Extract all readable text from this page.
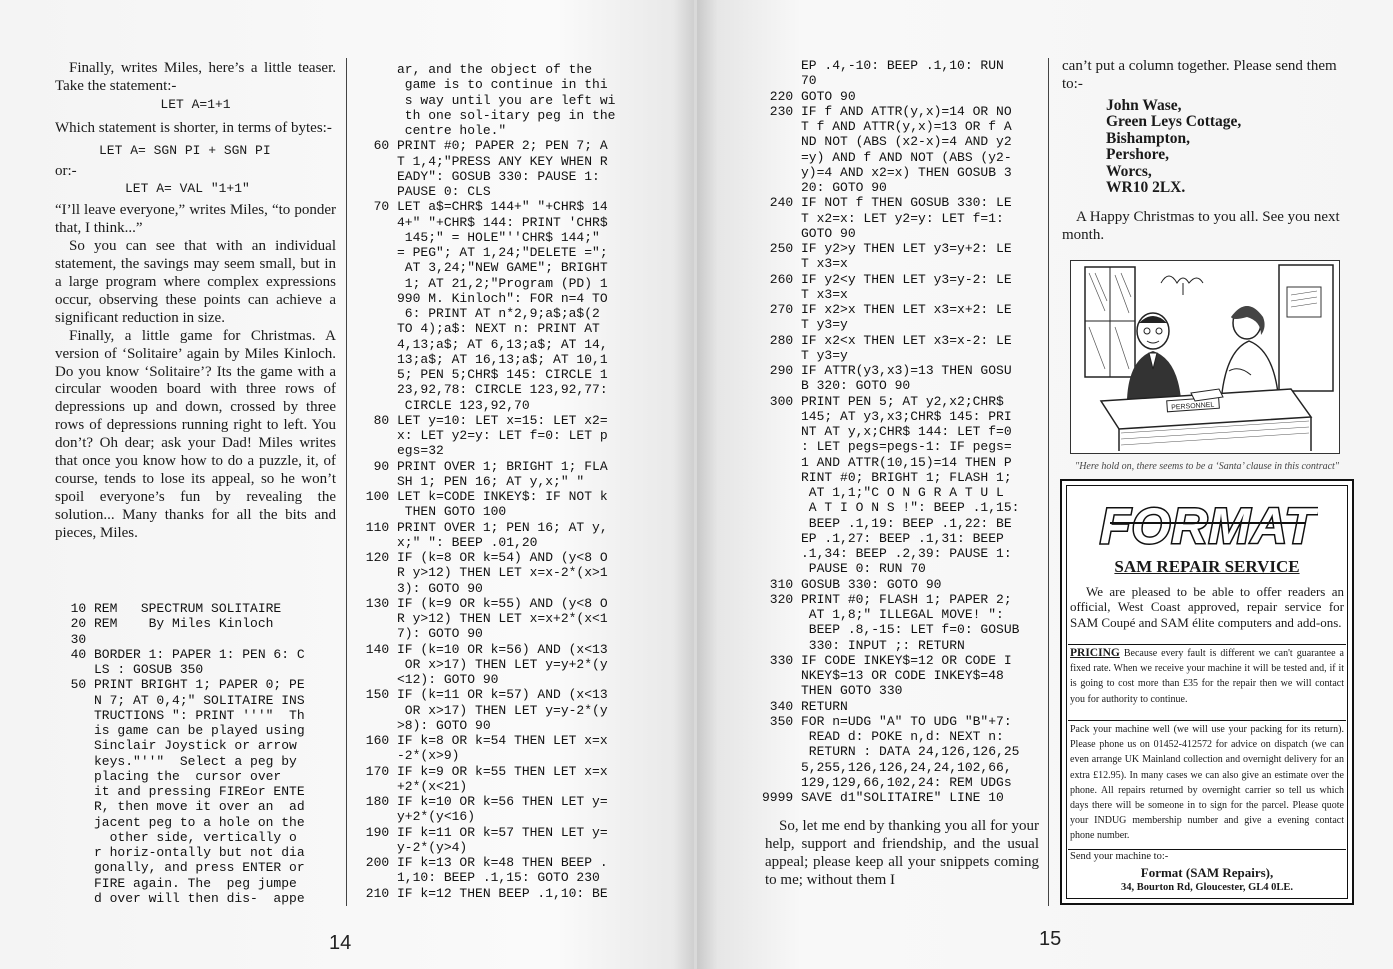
Finally, writes Miles, here’s a little teaser. Take the statement:-

LET A=1+1

Which statement is shorter, in terms of bytes:-

LET A= SGN PI + SGN PI

or:-

LET A= VAL "1+1"

“I’ll leave everyone,” writes Miles, “to ponder that, I think...”

So you can see that with an individual statement, the savings may seem small, but in a large program where complex expressions occur, observing these points can achieve a significant reduction in size.

Finally, a little game for Christmas. A version of ‘Solitaire’ again by Miles Kinloch. Do you know ‘Solitaire’? Its the game with a circular wooden board with three rows of depressions up and down, crossed by three rows of depressions running right to left. You don’t? Oh dear; ask your Dad! Miles writes that once you know how to do a puzzle, it, of course, tends to lose its appeal, so he won’t spoil everyone’s fun by revealing the solution... Many thanks for all the bits and pieces, Miles.

10 REM   SPECTRUM SOLITAIRE
20 REM    By Miles Kinloch
30
40 BORDER 1: PAPER 1: PEN 6: C
LS : GOSUB 350
50 PRINT BRIGHT 1; PAPER 0; PE
N 7; AT 0,4;" SOLITAIRE INS
TRUCTIONS ": PRINT '''"  Th
is game can be played using
Sinclair Joystick or arrow
keys."''"  Select a peg by
placing the  cursor over
it and pressing FIREor ENTE
R, then move it over an  ad
jacent peg to a hole on the
other side, vertically o
r horiz-ontally but not dia
gonally, and press ENTER or
FIRE again. The  peg jumpe
d over will then dis-  appe
ar, and the object of the
game is to continue in thi
s way until you are left wi
th one sol-itary peg in the
centre hole."
60 PRINT #0; PAPER 2; PEN 7; A
T 1,4;"PRESS ANY KEY WHEN R
EADY": GOSUB 330: PAUSE 1:
PAUSE 0: CLS
70 LET a$=CHR$ 144+" "+CHR$ 14
4+" "+CHR$ 144: PRINT 'CHR$
145;" = HOLE"''CHR$ 144;"
= PEG"; AT 1,24;"DELETE =";
AT 3,24;"NEW GAME"; BRIGHT
1; AT 21,2;"Program (PD) 1
990 M. Kinloch": FOR n=4 TO
6: PRINT AT n*2,9;a$;a$(2
TO 4);a$: NEXT n: PRINT AT
4,13;a$; AT 6,13;a$; AT 14,
13;a$; AT 16,13;a$; AT 10,1
5; PEN 5;CHR$ 145: CIRCLE 1
23,92,78: CIRCLE 123,92,77:
CIRCLE 123,92,70
80 LET y=10: LET x=15: LET x2=
x: LET y2=y: LET f=0: LET p
egs=32
90 PRINT OVER 1; BRIGHT 1; FLA
SH 1; PEN 16; AT y,x;" "
100 LET k=CODE INKEY$: IF NOT k
THEN GOTO 100
110 PRINT OVER 1; PEN 16; AT y,
x;" ": BEEP .01,20
120 IF (k=8 OR k=54) AND (y<8 O
R y>12) THEN LET x=x-2*(x>1
3): GOTO 90
130 IF (k=9 OR k=55) AND (y<8 O
R y>12) THEN LET x=x+2*(x<1
7): GOTO 90
140 IF (k=10 OR k=56) AND (x<13
OR x>17) THEN LET y=y+2*(y
<12): GOTO 90
150 IF (k=11 OR k=57) AND (x<13
OR x>17) THEN LET y=y-2*(y
>8): GOTO 90
160 IF k=8 OR k=54 THEN LET x=x
-2*(x>9)
170 IF k=9 OR k=55 THEN LET x=x
+2*(x<21)
180 IF k=10 OR k=56 THEN LET y=
y+2*(y<16)
190 IF k=11 OR k=57 THEN LET y=
y-2*(y>4)
200 IF k=13 OR k=48 THEN BEEP .
1,10: BEEP .1,15: GOTO 230
210 IF k=12 THEN BEEP .1,10: BE
14
EP .4,-10: BEEP .1,10: RUN
70
220 GOTO 90
230 IF f AND ATTR(y,x)=14 OR NO
T f AND ATTR(y,x)=13 OR f A
ND NOT (ABS (x2-x)=4 AND y2
=y) AND f AND NOT (ABS (y2-
y)=4 AND x2=x) THEN GOSUB 3
20: GOTO 90
240 IF NOT f THEN GOSUB 330: LE
T x2=x: LET y2=y: LET f=1:
GOTO 90
250 IF y2>y THEN LET y3=y+2: LE
T x3=x
260 IF y2<y THEN LET y3=y-2: LE
T x3=x
270 IF x2>x THEN LET x3=x+2: LE
T y3=y
280 IF x2<x THEN LET x3=x-2: LE
T y3=y
290 IF ATTR(y3,x3)=13 THEN GOSU
B 320: GOTO 90
300 PRINT PEN 5; AT y2,x2;CHR$
145; AT y3,x3;CHR$ 145: PRI
NT AT y,x;CHR$ 144: LET f=0
: LET pegs=pegs-1: IF pegs=
1 AND ATTR(10,15)=14 THEN P
RINT #0; BRIGHT 1; FLASH 1;
AT 1,1;"C O N G R A T U L
A T I O N S !": BEEP .1,15:
BEEP .1,19: BEEP .1,22: BE
EP .1,27: BEEP .1,31: BEEP
.1,34: BEEP .2,39: PAUSE 1:
PAUSE 0: RUN 70
310 GOSUB 330: GOTO 90
320 PRINT #0; FLASH 1; PAPER 2;
AT 1,8;" ILLEGAL MOVE! ":
BEEP .8,-15: LET f=0: GOSUB
330: INPUT ;: RETURN
330 IF CODE INKEY$=12 OR CODE I
NKEY$=13 OR CODE INKEY$=48
THEN GOTO 330
340 RETURN
350 FOR n=UDG "A" TO UDG "B"+7:
READ d: POKE n,d: NEXT n:
RETURN : DATA 24,126,126,25
5,255,126,126,24,24,102,66,
129,129,66,102,24: REM UDGs
9999 SAVE d1"SOLITAIRE" LINE 10

So, let me end by thanking you all for your help, support and friendship, and the usual appeal; please keep all your snippets coming to me; without them I

can’t put a column together. Please send them to:-

John Wase,
Green Leys Cottage,
Bishampton,
Pershore,
Worcs,
WR10 2LX.

A Happy Christmas to you all. See you next month.

PERSONNEL
"Here hold on, there seems to be a ‘Santa’ clause in this contract"
FORMAT
SAM REPAIR SERVICE
We are pleased to be able to offer readers an official, West Coast approved, repair service for SAM Coupé and SAM élite computers and add-ons.
PRICING Because every fault is different we can't guarantee a fixed rate. When we receive your machine it will be tested and, if it is going to cost more than £35 for the repair then we will contact you for authority to continue.
Pack your machine well (we will use your packing for its return). Please phone us on 01452-412572 for advice on dispatch (we can even arrange UK Mainland collection and overnight delivery for an extra £12.95). In many cases we can also give an estimate over the phone. All repairs returned by overnight carrier so tell us which days there will be someone in to sign for the parcel. Please quote your INDUG membership number and give a evening contact phone number.
Send your machine to:-
Format (SAM Repairs),
34, Bourton Rd, Gloucester, GL4 0LE.
15
